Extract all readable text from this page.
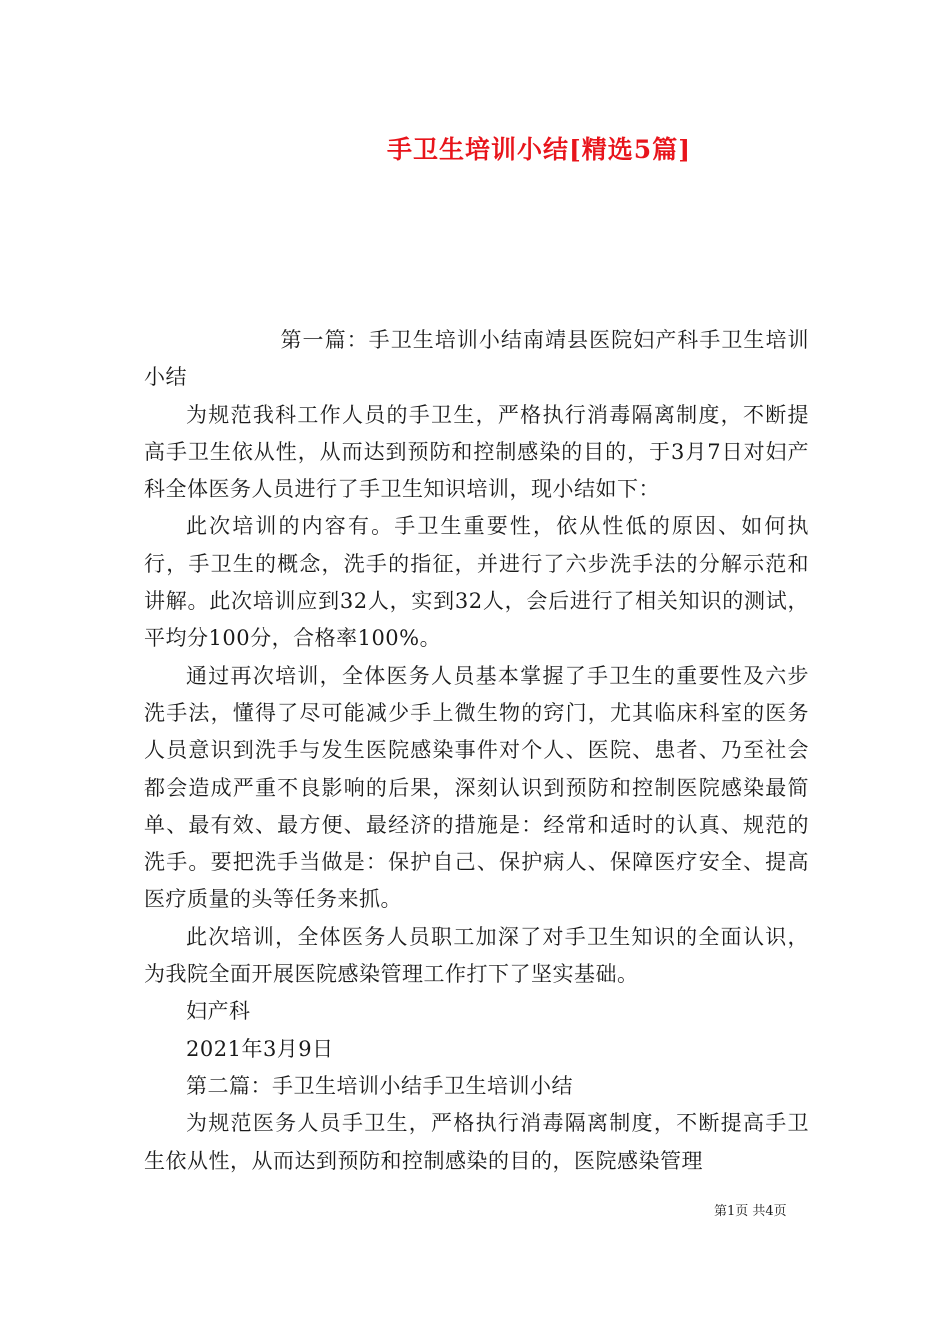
手卫生培训小结[精选5篇]

第一篇：手卫生培训小结南靖县医院妇产科手卫生培训小结

为规范我科工作人员的手卫生，严格执行消毒隔离制度，不断提高手卫生依从性，从而达到预防和控制感染的目的，于3月7日对妇产科全体医务人员进行了手卫生知识培训，现小结如下：

此次培训的内容有。手卫生重要性，依从性低的原因、如何执行，手卫生的概念，洗手的指征，并进行了六步洗手法的分解示范和讲解。此次培训应到32人，实到32人，会后进行了相关知识的测试，平均分100分，合格率100%。

通过再次培训，全体医务人员基本掌握了手卫生的重要性及六步洗手法，懂得了尽可能减少手上微生物的窍门，尤其临床科室的医务人员意识到洗手与发生医院感染事件对个人、医院、患者、乃至社会都会造成严重不良影响的后果，深刻认识到预防和控制医院感染最简单、最有效、最方便、最经济的措施是：经常和适时的认真、规范的洗手。要把洗手当做是：保护自己、保护病人、保障医疗安全、提高医疗质量的头等任务来抓。

此次培训，全体医务人员职工加深了对手卫生知识的全面认识，为我院全面开展医院感染管理工作打下了坚实基础。

妇产科

2021年3月9日

第二篇：手卫生培训小结手卫生培训小结

为规范医务人员手卫生，严格执行消毒隔离制度，不断提高手卫生依从性，从而达到预防和控制感染的目的，医院感染管理

第1页 共4页
